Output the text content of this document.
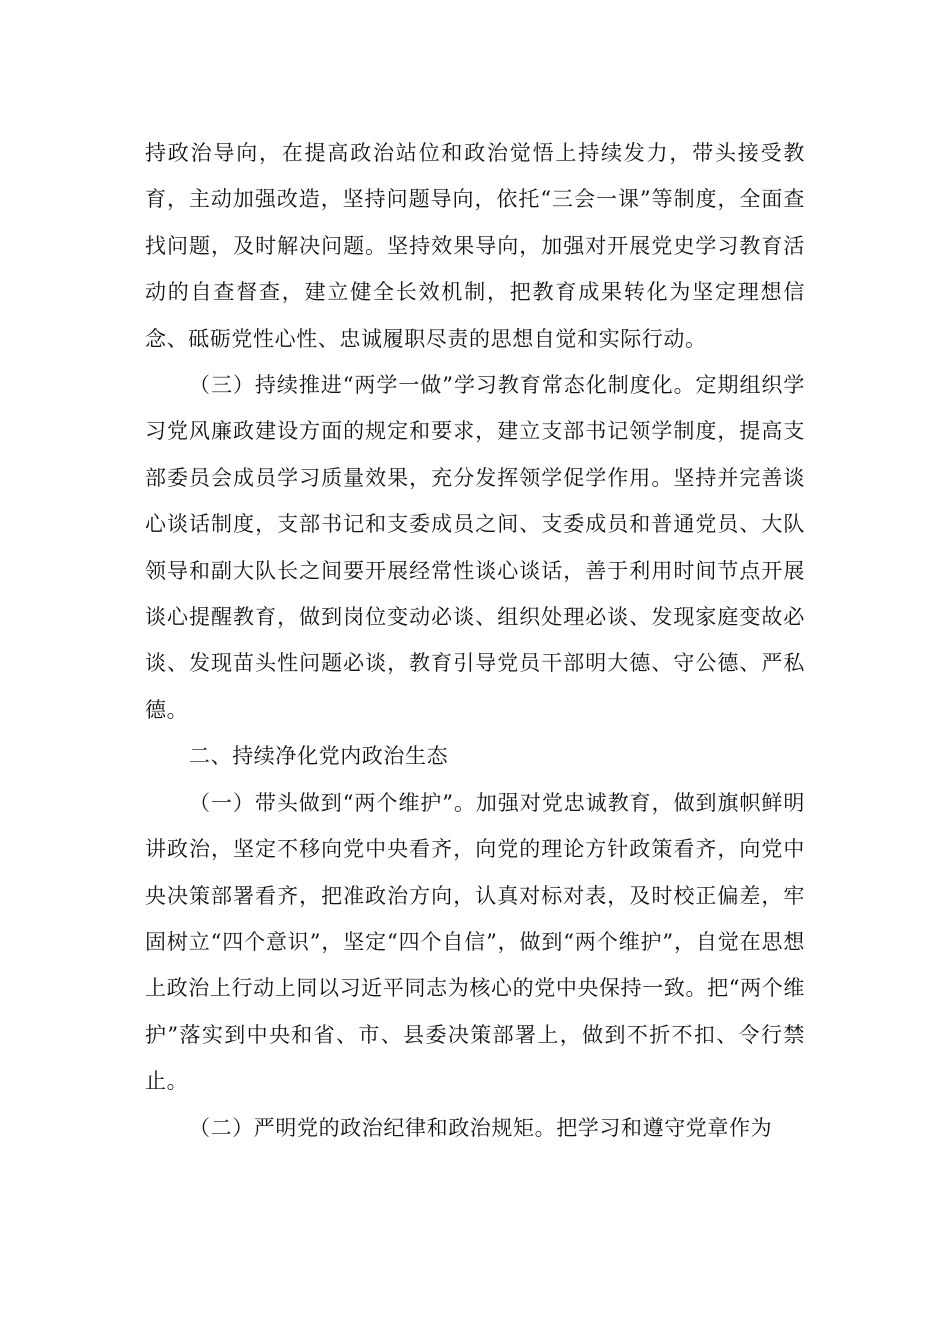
持政治导向，在提高政治站位和政治觉悟上持续发力，带头接受教育，主动加强改造，坚持问题导向，依托“三会一课”等制度，全面查找问题，及时解决问题。坚持效果导向，加强对开展党史学习教育活动的自查督查，建立健全长效机制，把教育成果转化为坚定理想信念、砥砺党性心性、忠诚履职尽责的思想自觉和实际行动。

（三）持续推进“两学一做”学习教育常态化制度化。定期组织学习党风廉政建设方面的规定和要求，建立支部书记领学制度，提高支部委员会成员学习质量效果，充分发挥领学促学作用。坚持并完善谈心谈话制度，支部书记和支委成员之间、支委成员和普通党员、大队领导和副大队长之间要开展经常性谈心谈话，善于利用时间节点开展谈心提醒教育，做到岗位变动必谈、组织处理必谈、发现家庭变故必谈、发现苗头性问题必谈，教育引导党员干部明大德、守公德、严私德。

二、持续净化党内政治生态

（一）带头做到“两个维护”。加强对党忠诚教育，做到旗帜鲜明讲政治，坚定不移向党中央看齐，向党的理论方针政策看齐，向党中央决策部署看齐，把准政治方向，认真对标对表，及时校正偏差，牢固树立“四个意识”，坚定“四个自信”，做到“两个维护”，自觉在思想上政治上行动上同以习近平同志为核心的党中央保持一致。把“两个维护”落实到中央和省、市、县委决策部署上，做到不折不扣、令行禁止。

（二）严明党的政治纪律和政治规矩。把学习和遵守党章作为
